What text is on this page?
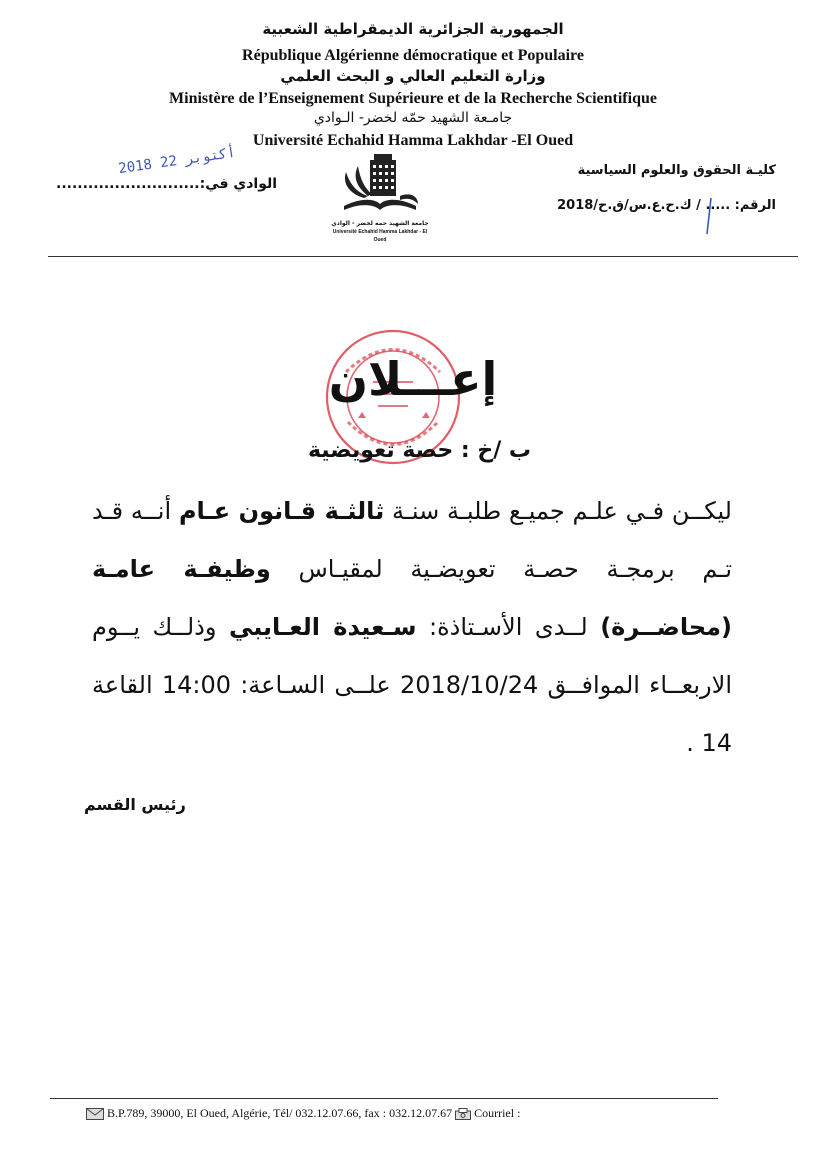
الجمهورية الجزائرية الديمقراطية الشعبية
République Algérienne démocratique et Populaire
وزارة التعليم العالي و البحث العلمي
Ministère de l’Enseignement Supérieure et de la Recherche Scientifique
جامـعة الشهيد حمّه لخضر- الـوادي
Université Echahid Hamma Lakhdar -El Oued
كليـة الحقوق والعلوم السياسية
الرقم: ..... / ك.ح.ع.س/ق.ح/2018
الوادي في:...........................
2018 أكتوبر 22
جامعة الشهيد حمه لخضر - الوادي
Université Echahid Hamma Lakhdar - El Oued
إعـــلان
ب /خ : حصة تعويضية
ليكــن فـي علـم جميـع طلبـة سنـة ثالثـة قـانون عـام أنــه قـد تـم برمجـة حصـة تعويضـية لمقيـاس وظيفـة عامـة (محاضــرة) لــدى الأسـتاذة: سـعيدة العـايبي وذلــك يــوم الاربعــاء الموافــق 2018/10/24 علــى السـاعة: 14:00 القاعة 14 .
رئيس القسم
B.P.789, 39000, El Oued, Algérie, Tél/ 032.12.07.66, fax : 032.12.07.67 Courriel :
